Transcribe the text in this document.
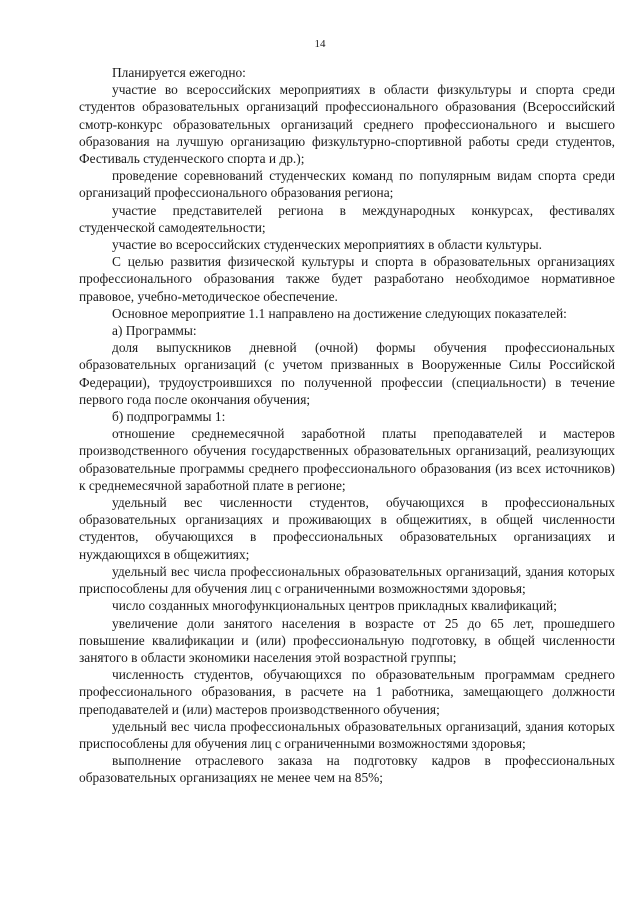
14

Планируется ежегодно:

участие во всероссийских мероприятиях в области физкультуры и спорта среди студентов образовательных организаций профессионального образования (Всероссийский смотр-конкурс образовательных организаций среднего профессионального и высшего образования на лучшую организацию физкультурно-спортивной работы среди студентов, Фестиваль студенческого спорта и др.);

проведение соревнований студенческих команд по популярным видам спорта среди организаций профессионального образования региона;

участие представителей региона в международных конкурсах, фестивалях студенческой самодеятельности;

участие во всероссийских студенческих мероприятиях в области культуры.

С целью развития физической культуры и спорта в образовательных организациях профессионального образования также будет разработано необходимое нормативное правовое, учебно-методическое обеспечение.

Основное мероприятие 1.1 направлено на достижение следующих показателей:

а) Программы:

доля выпускников дневной (очной) формы обучения профессиональных образовательных организаций (с учетом призванных в Вооруженные Силы Российской Федерации), трудоустроившихся по полученной профессии (специальности) в течение первого года после окончания обучения;

б) подпрограммы 1:

отношение среднемесячной заработной платы преподавателей и мастеров производственного обучения государственных образовательных организаций, реализующих образовательные программы среднего профессионального образования (из всех источников) к среднемесячной заработной плате в регионе;

удельный вес численности студентов, обучающихся в профессиональных образовательных организациях и проживающих в общежитиях, в общей численности студентов, обучающихся в профессиональных образовательных организациях и нуждающихся в общежитиях;

удельный вес числа профессиональных образовательных организаций, здания которых приспособлены для обучения лиц с ограниченными возможностями здоровья;

число созданных многофункциональных центров прикладных квалификаций;

увеличение доли занятого населения в возрасте от 25 до 65 лет, прошедшего повышение квалификации и (или) профессиональную подготовку, в общей численности занятого в области экономики населения этой возрастной группы;

численность студентов, обучающихся по образовательным программам среднего профессионального образования, в расчете на 1 работника, замещающего должности преподавателей и (или) мастеров производственного обучения;

удельный вес числа профессиональных образовательных организаций, здания которых приспособлены для обучения лиц с ограниченными возможностями здоровья;

выполнение отраслевого заказа на подготовку кадров в профессиональных образовательных организациях не менее чем на 85%;
